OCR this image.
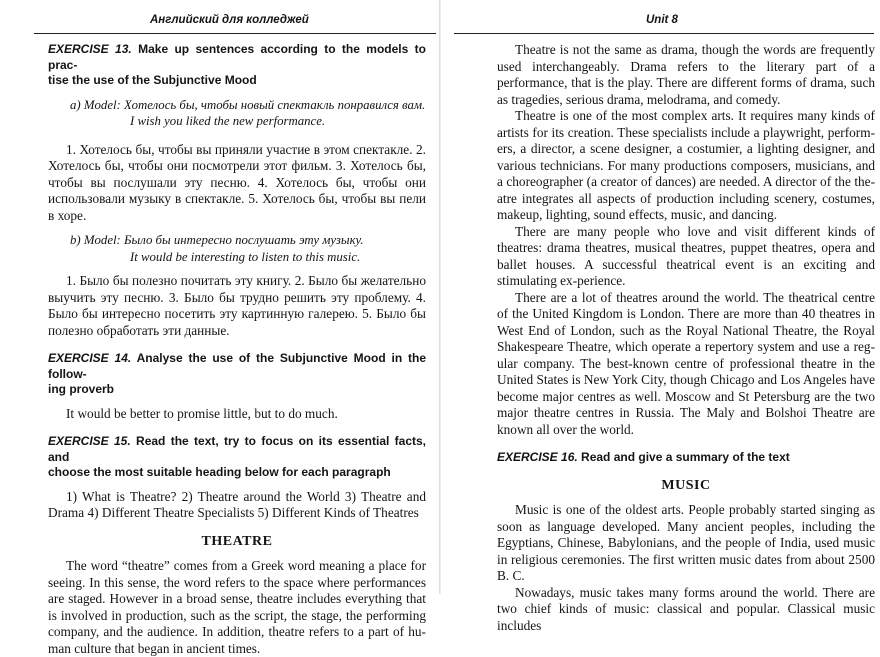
Английский для колледжей

EXERCISE 13. Make up sentences according to the models to prac-
tise the use of the Subjunctive Mood

a) Model: Хотелось бы, чтобы новый спектакль понравился вам.
I wish you liked the new performance.

1. Хотелось бы, чтобы вы приняли участие в этом спектакле. 2. Хотелось бы, чтобы они посмотрели этот фильм. 3. Хотелось бы, чтобы вы послушали эту песню. 4. Хотелось бы, чтобы они использовали музыку в спектакле. 5. Хотелось бы, чтобы вы пели в хоре.

b) Model: Было бы интересно послушать эту музыку.
It would be interesting to listen to this music.

1. Было бы полезно почитать эту книгу. 2. Было бы желательно выучить эту песню. 3. Было бы трудно решить эту проблему. 4. Было бы интересно посетить эту картинную галерею. 5. Было бы полезно обработать эти данные.

EXERCISE 14. Analyse the use of the Subjunctive Mood in the follow-
ing proverb

It would be better to promise little, but to do much.

EXERCISE 15. Read the text, try to focus on its essential facts, and
choose the most suitable heading below for each paragraph

1) What is Theatre? 2) Theatre around the World 3) Theatre and Drama 4) Different Theatre Specialists 5) Different Kinds of Theatres

THEATRE

The word “theatre” comes from a Greek word meaning a place for seeing. In this sense, the word refers to the space where performances are staged. However in a broad sense, theatre includes everything that is involved in production, such as the script, the stage, the performing company, and the audience. In addition, theatre refers to a part of hu-man culture that began in ancient times.

Unit 8

Theatre is not the same as drama, though the words are frequently used interchangeably. Drama refers to the literary part of a performance, that is the play. There are different forms of drama, such as tragedies, serious drama, melodrama, and comedy.

Theatre is one of the most complex arts. It requires many kinds of artists for its creation. These specialists include a playwright, perform-ers, a director, a scene designer, a costumier, a lighting designer, and various technicians. For many productions composers, musicians, and a choreographer (a creator of dances) are needed. A director of the the-atre integrates all aspects of production including scenery, costumes, makeup, lighting, sound effects, music, and dancing.

There are many people who love and visit different kinds of theatres: drama theatres, musical theatres, puppet theatres, opera and ballet houses. A successful theatrical event is an exciting and stimulating ex-perience.

There are a lot of theatres around the world. The theatrical centre of the United Kingdom is London. There are more than 40 theatres in West End of London, such as the Royal National Theatre, the Royal Shakespeare Theatre, which operate a repertory system and use a reg-ular company. The best-known centre of professional theatre in the United States is New York City, though Chicago and Los Angeles have become major centres as well. Moscow and St Petersburg are the two major theatre centres in Russia. The Maly and Bolshoi Theatre are known all over the world.

EXERCISE 16. Read and give a summary of the text

MUSIC

Music is one of the oldest arts. People probably started singing as soon as language developed. Many ancient peoples, including the Egyptians, Chinese, Babylonians, and the people of India, used music in religious ceremonies. The first written music dates from about 2500 B. C.

Nowadays, music takes many forms around the world. There are two chief kinds of music: classical and popular. Classical music includes
